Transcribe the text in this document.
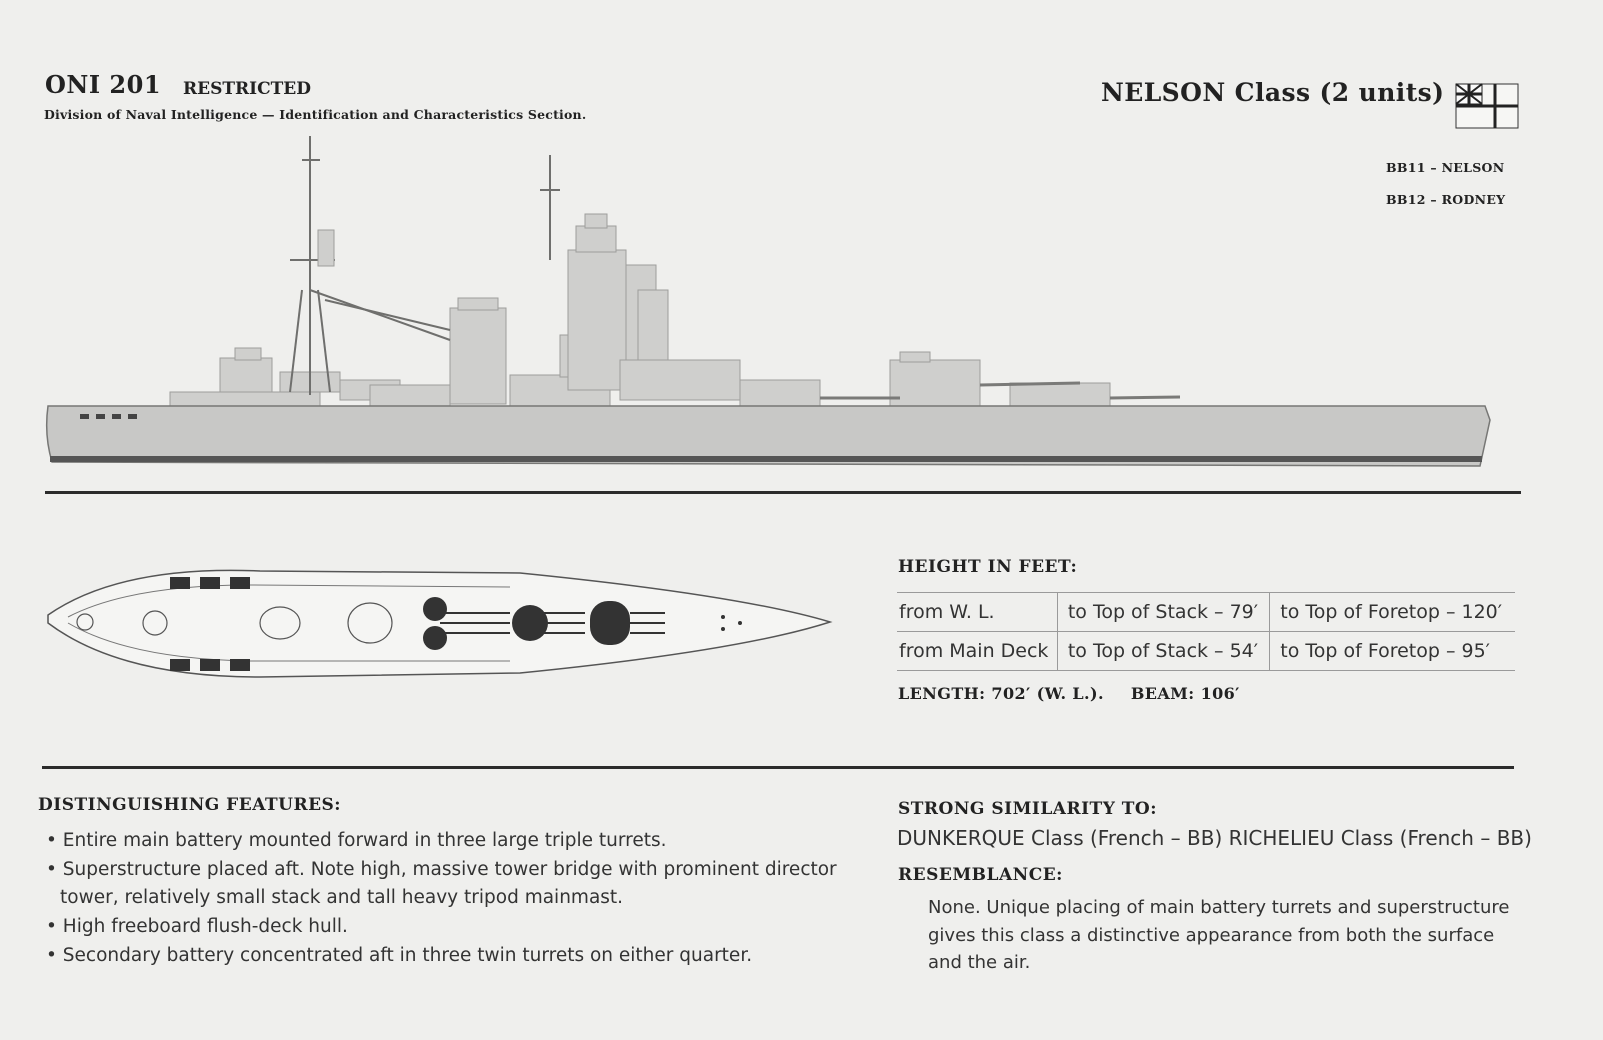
ONI 201 RESTRICTED
Division of Naval Intelligence — Identification and Characteristics Section.
NELSON Class (2 units)
BB11 – NELSON
BB12 – RODNEY
HEIGHT IN FEET:
from W. L.	to Top of Stack – 79′	to Top of Foretop – 120′
from Main Deck	to Top of Stack – 54′	to Top of Foretop – 95′
LENGTH: 702′ (W. L.). BEAM: 106′
DISTINGUISHING FEATURES:
• Entire main battery mounted forward in three large triple turrets.
• Superstructure placed aft. Note high, massive tower bridge with prominent director tower, relatively small stack and tall heavy tripod mainmast.
• High freeboard flush-deck hull.
• Secondary battery concentrated aft in three twin turrets on either quarter.
STRONG SIMILARITY TO:
DUNKERQUE Class (French – BB) RICHELIEU Class (French – BB)
RESEMBLANCE:
None. Unique placing of main battery turrets and superstructure gives this class a distinctive appearance from both the surface and the air.
